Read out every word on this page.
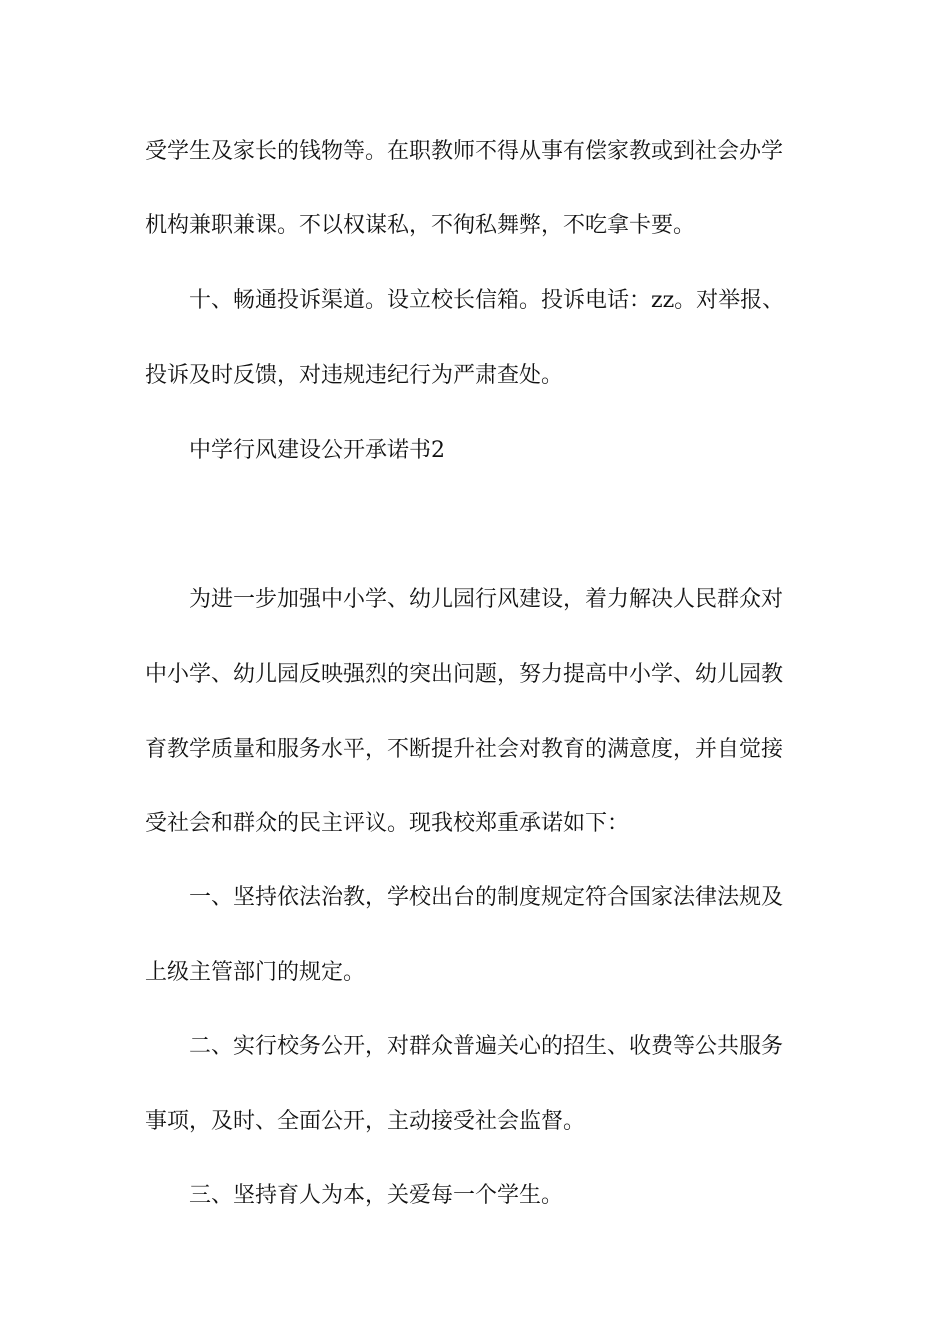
受学生及家长的钱物等。在职教师不得从事有偿家教或到社会办学
机构兼职兼课。不以权谋私，不徇私舞弊，不吃拿卡要。
十、畅通投诉渠道。设立校长信箱。投诉电话：zz。对举报、
投诉及时反馈，对违规违纪行为严肃查处。
中学行风建设公开承诺书2
为进一步加强中小学、幼儿园行风建设，着力解决人民群众对
中小学、幼儿园反映强烈的突出问题，努力提高中小学、幼儿园教
育教学质量和服务水平，不断提升社会对教育的满意度，并自觉接
受社会和群众的民主评议。现我校郑重承诺如下：
一、坚持依法治教，学校出台的制度规定符合国家法律法规及
上级主管部门的规定。
二、实行校务公开，对群众普遍关心的招生、收费等公共服务
事项，及时、全面公开，主动接受社会监督。
三、坚持育人为本，关爱每一个学生。
